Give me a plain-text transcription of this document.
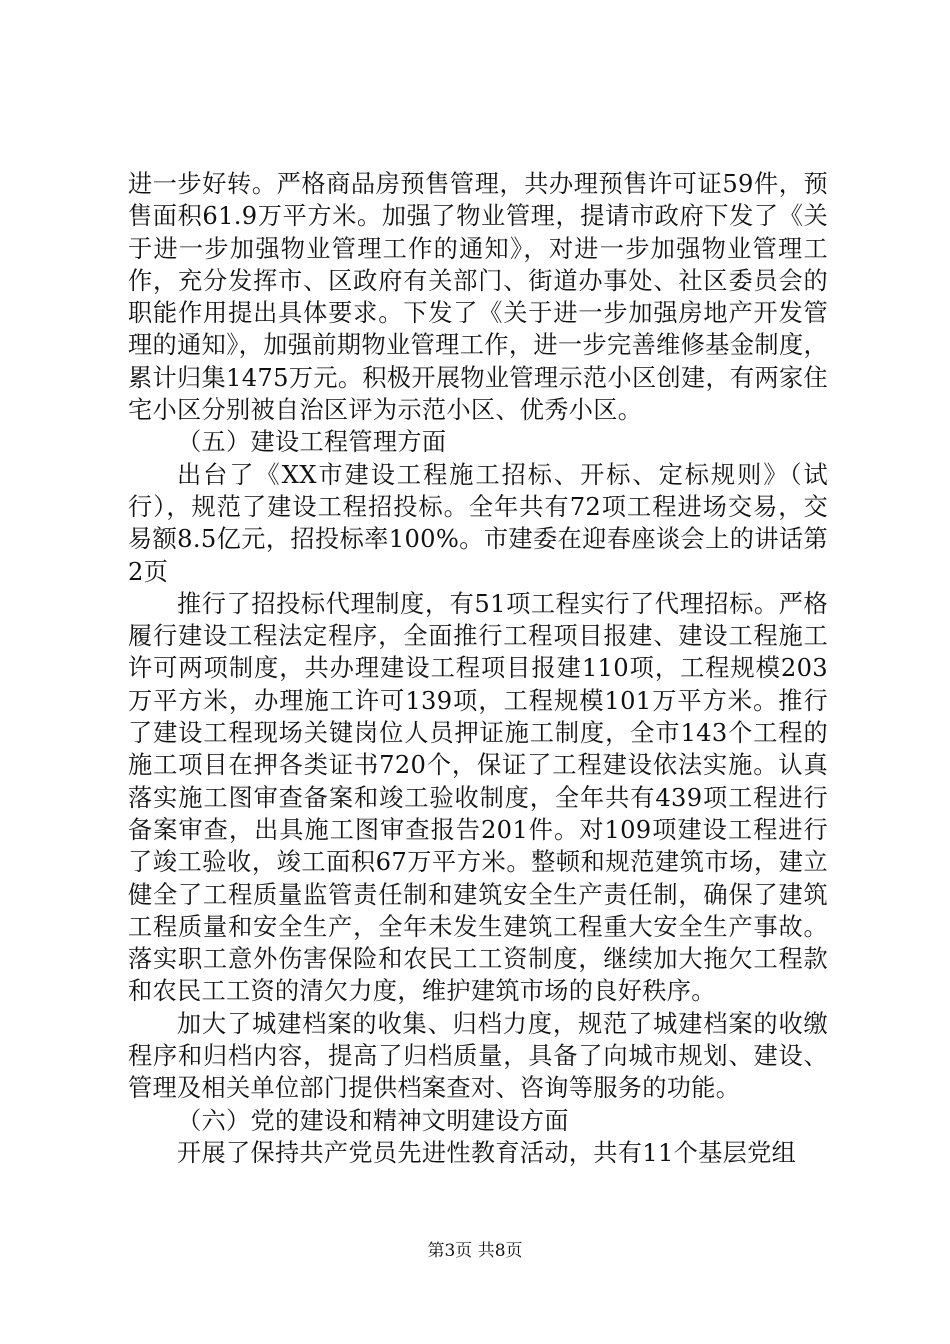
进一步好转。严格商品房预售管理，共办理预售许可证59件，预售面积61.9万平方米。加强了物业管理，提请市政府下发了《关于进一步加强物业管理工作的通知》，对进一步加强物业管理工作，充分发挥市、区政府有关部门、街道办事处、社区委员会的职能作用提出具体要求。下发了《关于进一步加强房地产开发管理的通知》，加强前期物业管理工作，进一步完善维修基金制度，累计归集1475万元。积极开展物业管理示范小区创建，有两家住宅小区分别被自治区评为示范小区、优秀小区。

（五）建设工程管理方面

出台了《XX市建设工程施工招标、开标、定标规则》（试行），规范了建设工程招投标。全年共有72项工程进场交易，交易额8.5亿元，招投标率100%。市建委在迎春座谈会上的讲话第2页

推行了招投标代理制度，有51项工程实行了代理招标。严格履行建设工程法定程序，全面推行工程项目报建、建设工程施工许可两项制度，共办理建设工程项目报建110项，工程规模203万平方米，办理施工许可139项，工程规模101万平方米。推行了建设工程现场关键岗位人员押证施工制度，全市143个工程的施工项目在押各类证书720个，保证了工程建设依法实施。认真落实施工图审查备案和竣工验收制度，全年共有439项工程进行备案审查，出具施工图审查报告201件。对109项建设工程进行了竣工验收，竣工面积67万平方米。整顿和规范建筑市场，建立健全了工程质量监管责任制和建筑安全生产责任制，确保了建筑工程质量和安全生产，全年未发生建筑工程重大安全生产事故。落实职工意外伤害保险和农民工工资制度，继续加大拖欠工程款和农民工工资的清欠力度，维护建筑市场的良好秩序。

加大了城建档案的收集、归档力度，规范了城建档案的收缴程序和归档内容，提高了归档质量，具备了向城市规划、建设、管理及相关单位部门提供档案查对、咨询等服务的功能。

（六）党的建设和精神文明建设方面

开展了保持共产党员先进性教育活动，共有11个基层党组

第3页 共8页
